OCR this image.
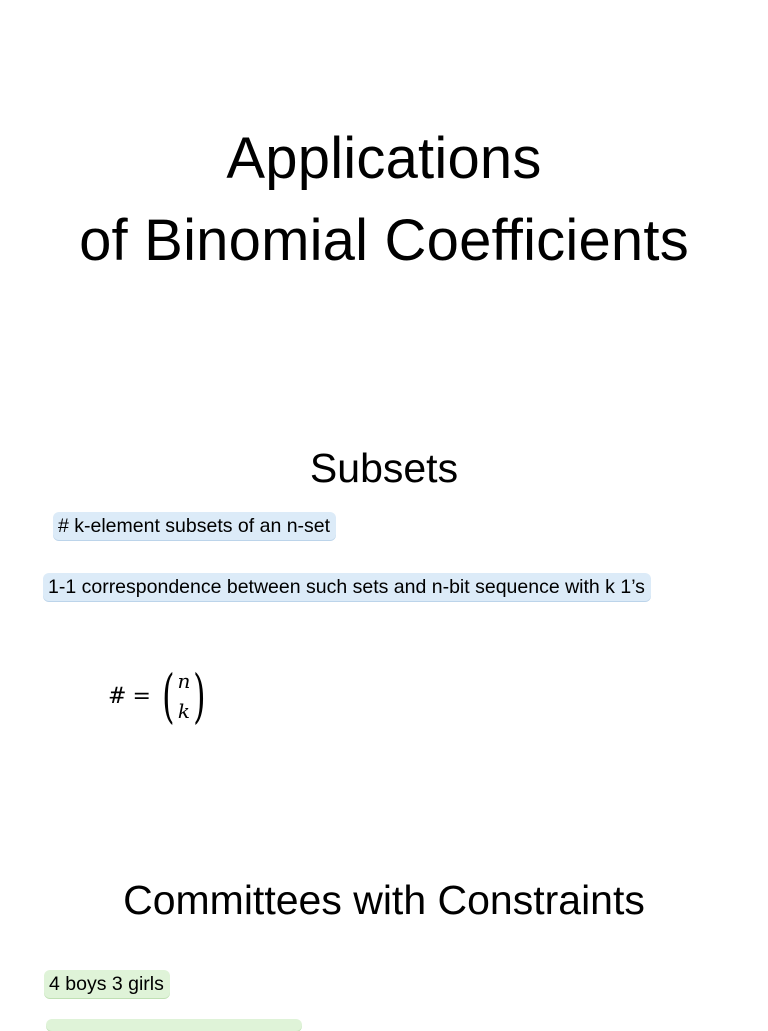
Applications
of Binomial Coefficients
Subsets
# k-element subsets of an n-set
1-1 correspondence between such sets and n-bit sequence with k 1’s
# = ( n
k )
Committees with Constraints
4 boys 3 girls
